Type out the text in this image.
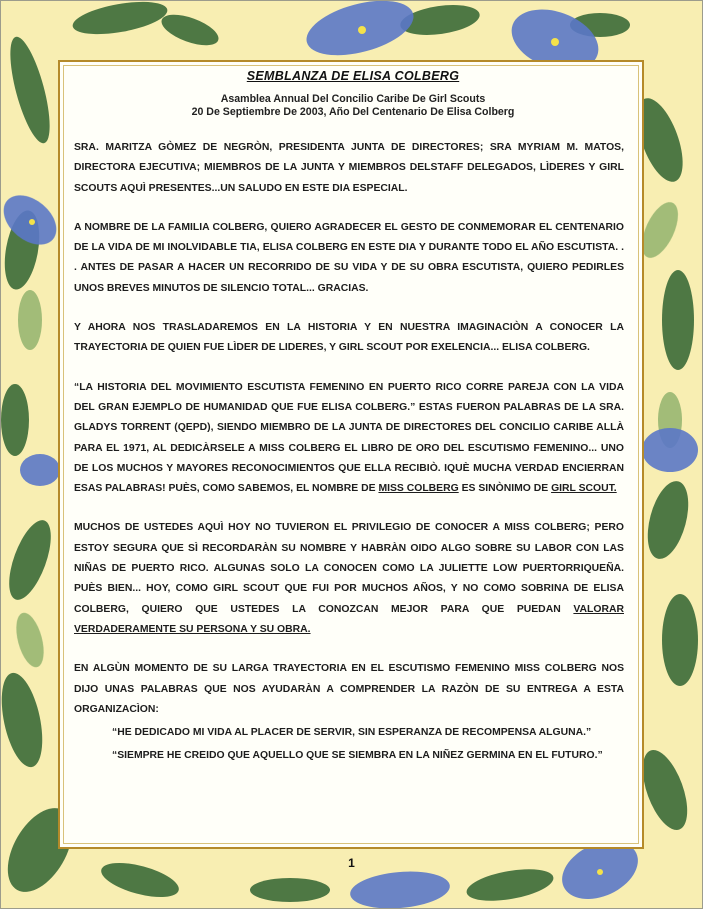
SEMBLANZA DE ELISA COLBERG
Asamblea Annual Del Concilio Caribe De Girl Scouts
20 De Septiembre De 2003, Año Del Centenario De Elisa Colberg

SRA. MARITZA GÒMEZ DE NEGRÒN, PRESIDENTA JUNTA DE DIRECTORES; SRA MYRIAM M. MATOS, DIRECTORA EJECUTIVA; MIEMBROS DE LA JUNTA Y MIEMBROS DELSTAFF DELEGADOS, LÌDERES Y GIRL SCOUTS AQUÌ PRESENTES...UN SALUDO EN ESTE DIA ESPECIAL.

A NOMBRE DE LA FAMILIA COLBERG, QUIERO AGRADECER EL GESTO DE CONMEMORAR EL CENTENARIO DE LA VIDA DE MI INOLVIDABLE TIA, ELISA COLBERG EN ESTE DIA Y DURANTE TODO EL AÑO ESCUTISTA. . . ANTES DE PASAR A HACER UN RECORRIDO DE SU VIDA Y DE SU OBRA ESCUTISTA, QUIERO PEDIRLES UNOS BREVES MINUTOS DE SILENCIO TOTAL... GRACIAS.

Y AHORA NOS TRASLADAREMOS EN LA HISTORIA Y EN NUESTRA IMAGINACIÒN A CONOCER LA TRAYECTORIA DE QUIEN FUE LÌDER DE LIDERES, Y GIRL SCOUT POR EXELENCIA... ELISA COLBERG.

“LA HISTORIA DEL MOVIMIENTO ESCUTISTA FEMENINO EN PUERTO RICO CORRE PAREJA CON LA VIDA DEL GRAN EJEMPLO DE HUMANIDAD QUE FUE ELISA COLBERG.” ESTAS FUERON PALABRAS DE LA SRA. GLADYS TORRENT (QEPD), SIENDO MIEMBRO DE LA JUNTA DE DIRECTORES DEL CONCILIO CARIBE ALLÀ PARA EL 1971, AL DEDICÀRSELE A MISS COLBERG EL LIBRO DE ORO DEL ESCUTISMO FEMENINO... UNO DE LOS MUCHOS Y MAYORES RECONOCIMIENTOS QUE ELLA RECIBIÒ. IQUÈ MUCHA VERDAD ENCIERRAN ESAS PALABRAS! PUÈS, COMO SABEMOS, EL NOMBRE DE MISS COLBERG ES SINÒNIMO DE GIRL SCOUT.

MUCHOS DE USTEDES AQUÌ HOY NO TUVIERON EL PRIVILEGIO DE CONOCER A MISS COLBERG; PERO ESTOY SEGURA QUE SÌ RECORDARÀN SU NOMBRE Y HABRÀN OIDO ALGO SOBRE SU LABOR CON LAS NIÑAS DE PUERTO RICO. ALGUNAS SOLO LA CONOCEN COMO LA JULIETTE LOW PUERTORRIQUEÑA. PUÈS BIEN... HOY, COMO GIRL SCOUT QUE FUI POR MUCHOS AÑOS, Y NO COMO SOBRINA DE ELISA COLBERG, QUIERO QUE USTEDES LA CONOZCAN MEJOR PARA QUE PUEDAN VALORAR VERDADERAMENTE SU PERSONA Y SU OBRA.

EN ALGÙN MOMENTO DE SU LARGA TRAYECTORIA EN EL ESCUTISMO FEMENINO MISS COLBERG NOS DIJO UNAS PALABRAS QUE NOS AYUDARÀN A COMPRENDER LA RAZÒN DE SU ENTREGA A ESTA ORGANIZACÌON:

“HE DEDICADO MI VIDA AL PLACER DE SERVIR, SIN ESPERANZA DE RECOMPENSA ALGUNA.”

“SIEMPRE HE CREIDO QUE AQUELLO QUE SE SIEMBRA EN LA NIÑEZ GERMINA EN EL FUTURO.”

1
